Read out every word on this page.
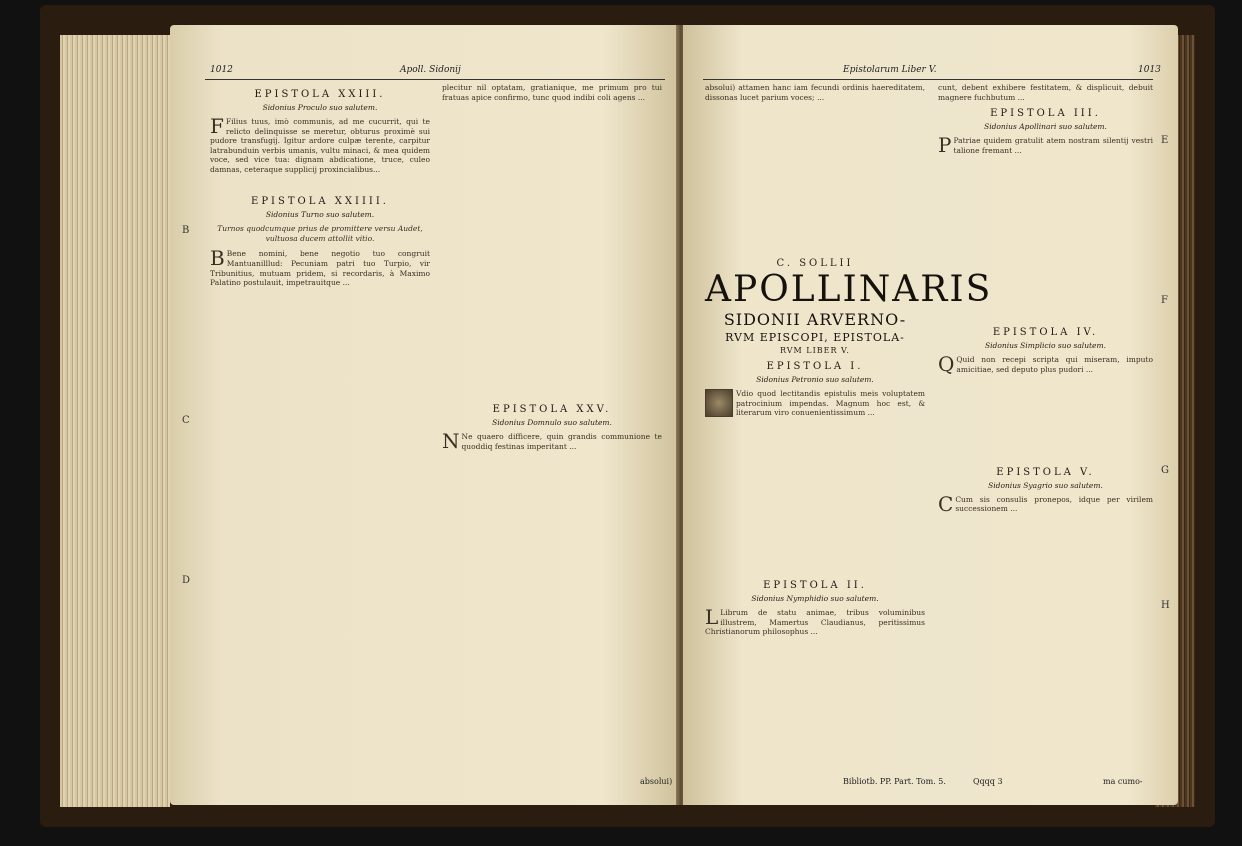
1012	Apoll. Sidonij
EPISTOLA XXIII.
Sidonius Proculo suo salutem.

F Filius tuus, imò communis, ad me cucurrit, qui te relicto delinquisse se meretur, obturus proximè sui pudore transfugij. Igitur ardore culpæ terente, carpitur latrabunduin verbis umanis, vultu minaci, & mea quidem voce, sed vice tua: dignam abdicatione, truce, culeo damnas, ceteraque supplicij proxincialibus...

EPISTOLA XXIIII.
Sidonius Turno suo salutem.

Turnos quodcumque prius de promittere versu Audet, vultuosa ducem attollit vitio.

B Bene nomini, bene negotio tuo congruit Mantuanilllud: Pecuniam patri tuo Turpio, vir Tribunitius, mutuam pridem, si recordaris, à Maximo Palatino postulauit, impetrauitque ...

plecitur nil optatam, gratianique, me primum pro tui fratuas apice confirmo, tunc quod indibi coli agens ...

EPISTOLA XXV.
Sidonius Domnulo suo salutem.

N Ne quaero difficere, quin grandis communione te quoddiq festinas imperitant ...

B
C
D
absolui)
Epistolarum Liber V.	1013

absolui) attamen hanc iam fecundi ordinis haereditatem, dissonas lucet parium voces; ...

C. SOLLII
APOLLINARIS
SIDONII ARVERNO-
RVM EPISCOPI, EPISTOLA-
RVM LIBER V.
EPISTOLA I.
Sidonius Petronio suo salutem.

Vdio quod lectitandis epistulis meis voluptatem patrocinium impendas. Magnum hoc est, & literarum viro conuenientissimum ...

EPISTOLA II.
Sidonius Nymphidio suo salutem.

L Librum de statu animae, tribus voluminibus illustrem, Mamertus Claudianus, peritissimus Christianorum philosophus ...

cunt, debent exhibere festitatem, & displicuit, debuit magnere fuchbutum ...

EPISTOLA III.
Sidonius Apollinari suo salutem.

P Patriae quidem gratulit atem nostram silentij vestri talione fremant ...

EPISTOLA IV.
Sidonius Simplicio suo salutem.

Q Quid non recepi scripta qui miseram, imputo amicitiae, sed deputo plus pudori ...

EPISTOLA V.
Sidonius Syagrio suo salutem.

C Cum sis consulis pronepos, idque per virilem successionem ...

E
F
G
H
Bibliotb. PP. Part. Tom. 5.	Qqqq 3	ma cumo-
